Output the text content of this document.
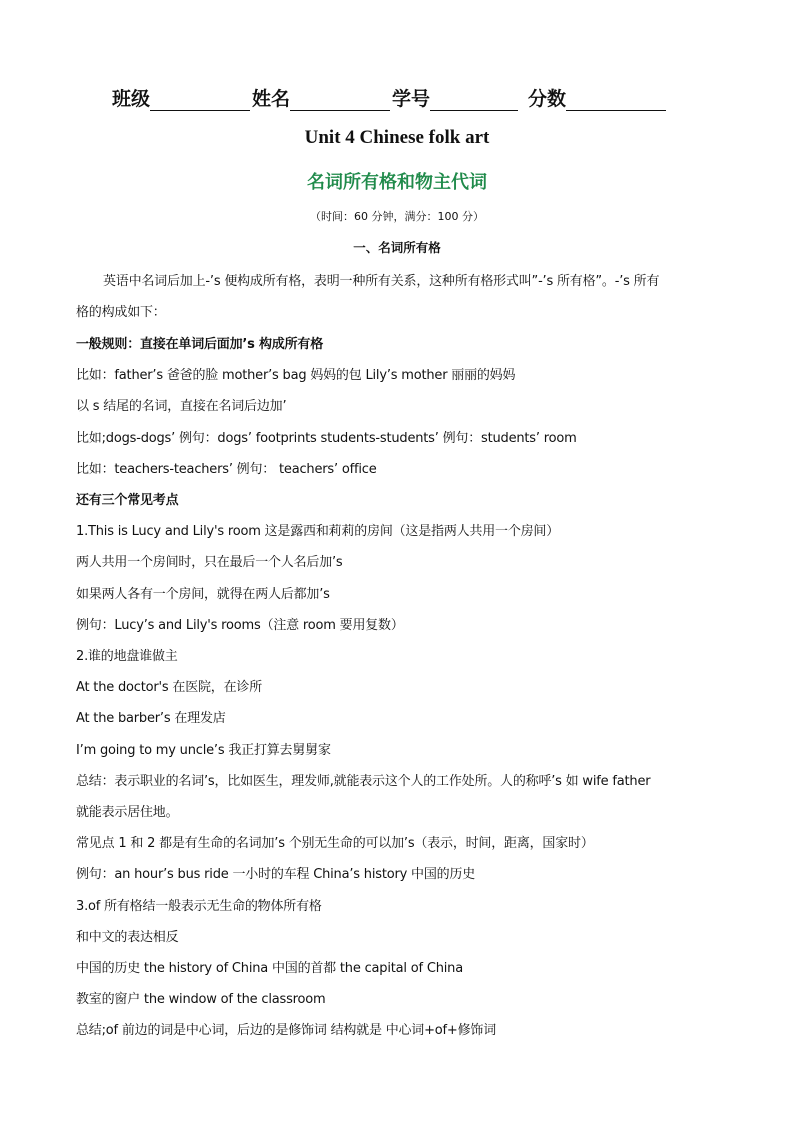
班级	姓名	学号	分数
Unit 4 Chinese folk art
名词所有格和物主代词
（时间：60 分钟，满分：100 分）
一、名词所有格
英语中名词后加上-’s 便构成所有格，表明一种所有关系，这种所有格形式叫”-’s 所有格”。-’s 所有
格的构成如下：
一般规则：直接在单词后面加’s 构成所有格
比如：father’s 爸爸的脸 mother’s bag 妈妈的包 Lily’s mother 丽丽的妈妈
以 s 结尾的名词，直接在名词后边加’
比如;dogs-dogs’ 例句：dogs’ footprints students-students’ 例句：students’ room
比如：teachers-teachers’ 例句： teachers’ office
还有三个常见考点
1.This is Lucy and Lily's room 这是露西和莉莉的房间（这是指两人共用一个房间）
两人共用一个房间时，只在最后一个人名后加’s
如果两人各有一个房间，就得在两人后都加’s
例句：Lucy’s and Lily's rooms（注意 room 要用复数）
2.谁的地盘谁做主
At the doctor's 在医院，在诊所
At the barber’s 在理发店
I’m going to my uncle’s 我正打算去舅舅家
总结：表示职业的名词’s，比如医生，理发师,就能表示这个人的工作处所。人的称呼’s 如 wife father
就能表示居住地。
常见点 1 和 2 都是有生命的名词加’s 个别无生命的可以加’s（表示，时间，距离，国家时）
例句：an hour’s bus ride 一小时的车程 China’s history 中国的历史
3.of 所有格结一般表示无生命的物体所有格
和中文的表达相反
中国的历史 the history of China 中国的首都 the capital of China
教室的窗户 the window of the classroom
总结;of 前边的词是中心词，后边的是修饰词 结构就是 中心词+of+修饰词
